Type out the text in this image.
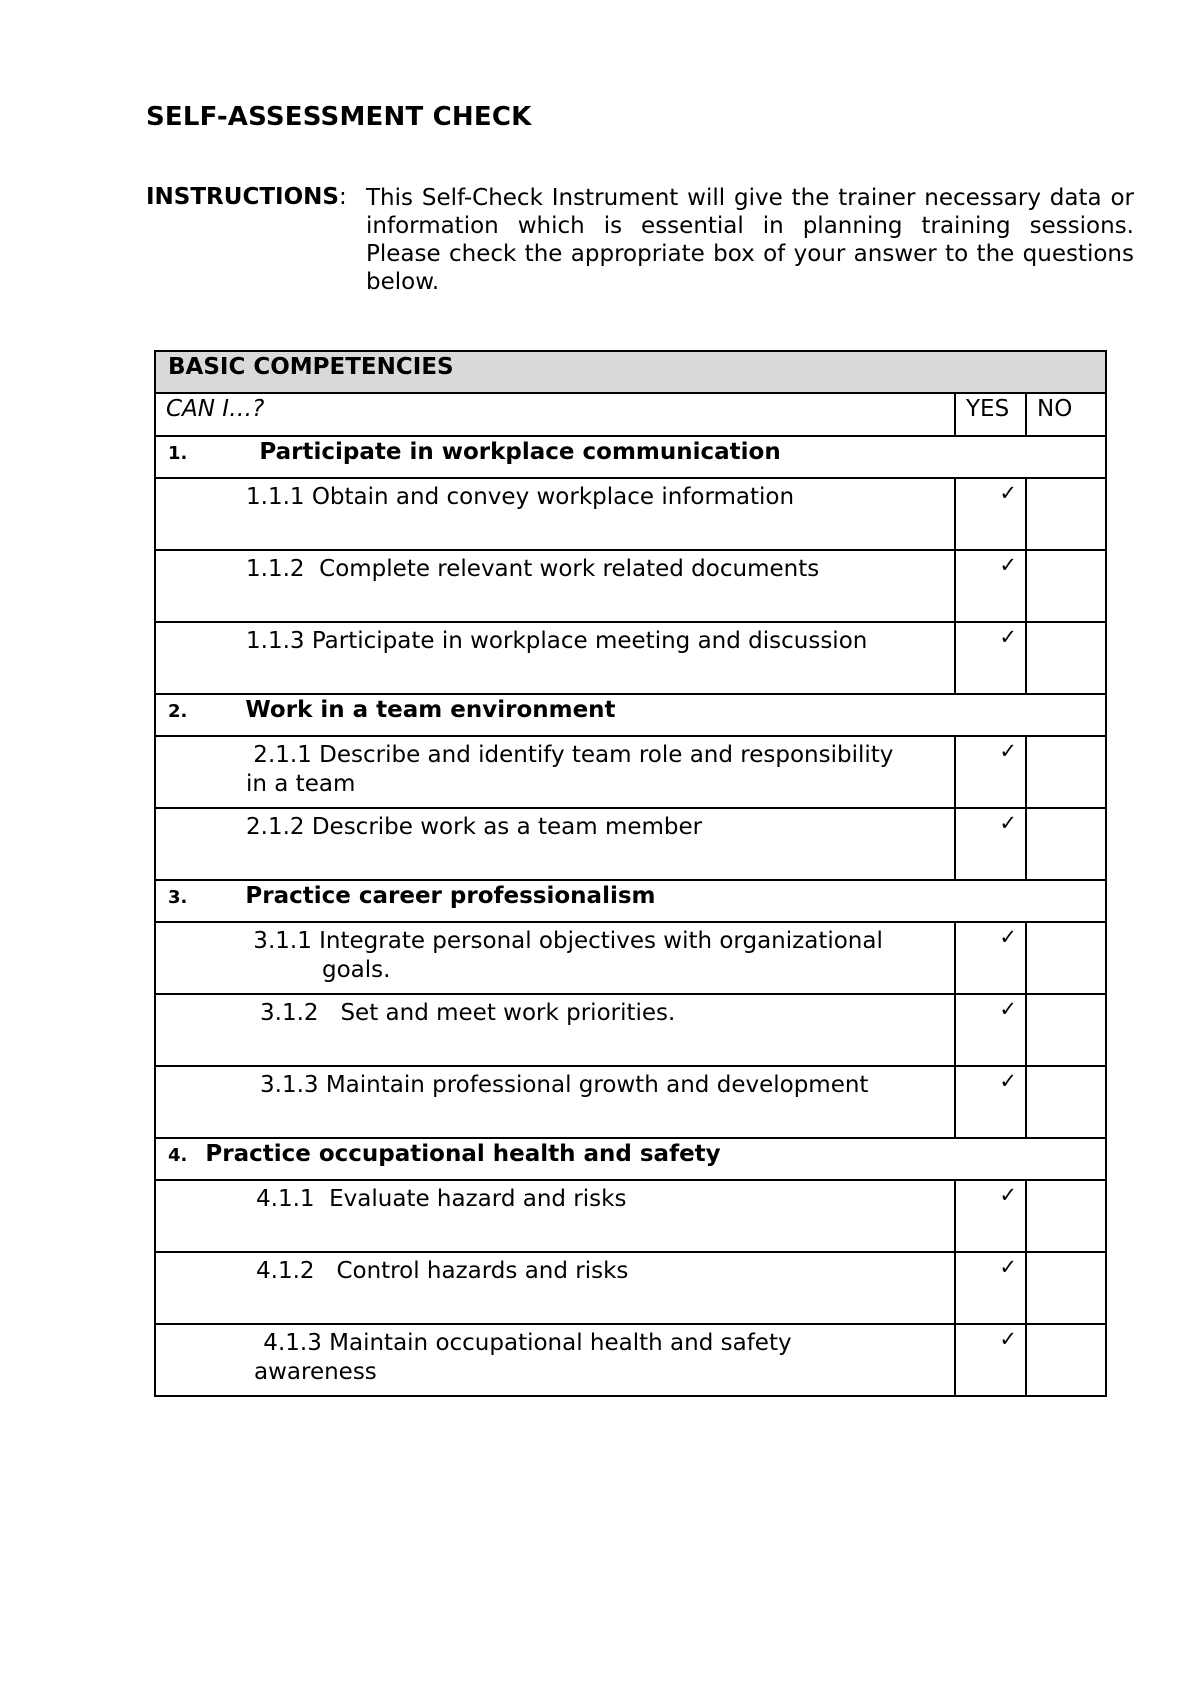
SELF-ASSESSMENT CHECK
INSTRUCTIONS: This Self-Check Instrument will give the trainer necessary data or information which is essential in planning training sessions. Please check the appropriate box of your answer to the questions below.
BASIC COMPETENCIES		
CAN I…?	YES	NO
1. Participate in workplace communication		

1.1.1 Obtain and convey workplace information	✓	

1.1.2  Complete relevant work related documents	✓	

1.1.3 Participate in workplace meeting and discussion	✓	

2. Work in a team environment		

2.1.1 Describe and identify team role and responsibility
in a team	✓	

2.1.2 Describe work as a team member	✓	

3. Practice career professionalism		

3.1.1 Integrate personal objectives with organizational
goals.	✓	

3.1.2   Set and meet work priorities.	✓	

3.1.3 Maintain professional growth and development	✓	

4. Practice occupational health and safety		

4.1.1  Evaluate hazard and risks	✓	

4.1.2   Control hazards and risks	✓	

4.1.3 Maintain occupational health and safety
awareness	✓	
